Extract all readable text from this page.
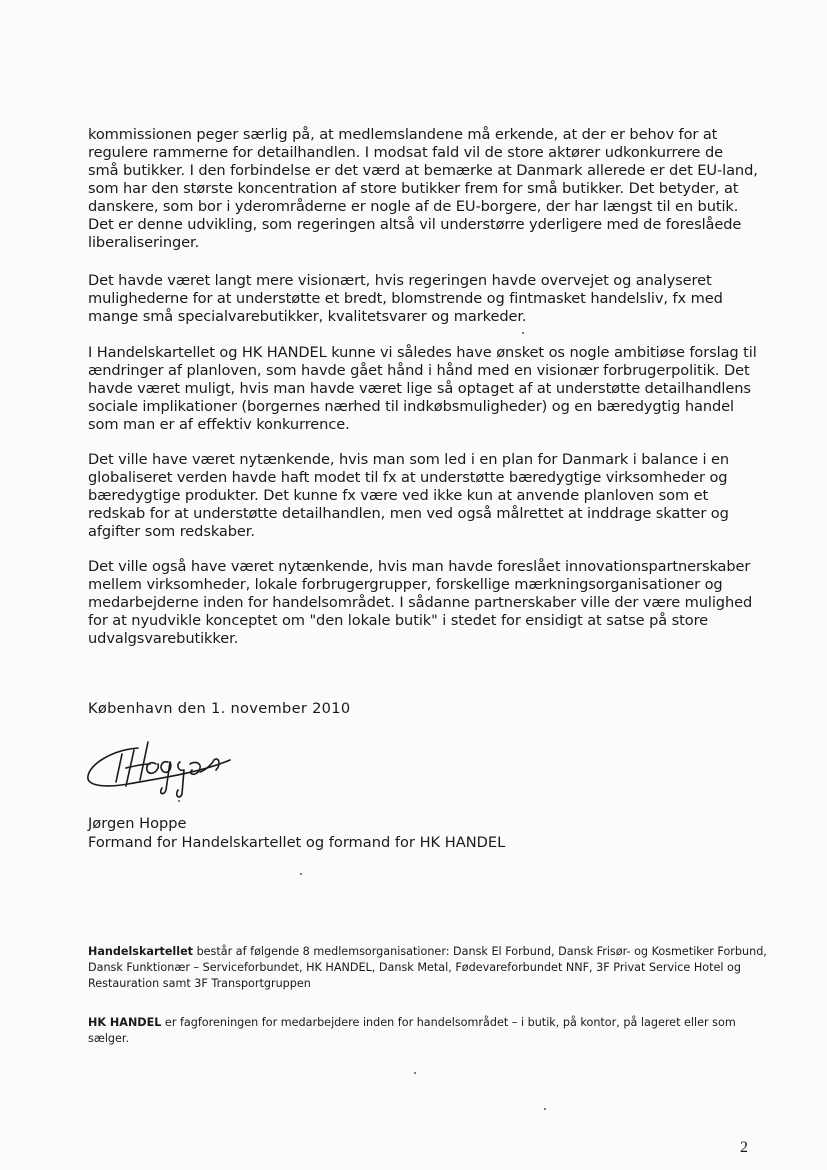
kommissionen peger særlig på, at medlemslandene må erkende, at der er behov for at regulere rammerne for detailhandlen. I modsat fald vil de store aktører udkonkurrere de små butikker. I den forbindelse er det værd at bemærke at Danmark allerede er det EU-land, som har den største koncentration af store butikker frem for små butikker. Det betyder, at danskere, som bor i yderområderne er nogle af de EU-borgere, der har længst til en butik. Det er denne udvikling, som regeringen altså vil understørre yderligere med de foreslåede liberaliseringer.

Det havde været langt mere visionært, hvis regeringen havde overvejet og analyseret mulighederne for at understøtte et bredt, blomstrende og fintmasket handelsliv, fx med mange små specialvarebutikker, kvalitetsvarer og markeder.

I Handelskartellet og HK HANDEL kunne vi således have ønsket os nogle ambitiøse forslag til ændringer af planloven, som havde gået hånd i hånd med en visionær forbrugerpolitik. Det havde været muligt, hvis man havde været lige så optaget af at understøtte detailhandlens sociale implikationer (borgernes nærhed til indkøbsmuligheder) og en bæredygtig handel som man er af effektiv konkurrence.

Det ville have været nytænkende, hvis man som led i en plan for Danmark i balance i en globaliseret verden havde haft modet til fx at understøtte bæredygtige virksomheder og bæredygtige produkter. Det kunne fx være ved ikke kun at anvende planloven som et redskab for at understøtte detailhandlen, men ved også målrettet at inddrage skatter og afgifter som redskaber.

Det ville også have været nytænkende, hvis man havde foreslået innovationspartnerskaber mellem virksomheder, lokale forbrugergrupper, forskellige mærkningsorganisationer og medarbejderne inden for handelsområdet. I sådanne partnerskaber ville der være mulighed for at nyudvikle konceptet om "den lokale butik" i stedet for ensidigt at satse på store udvalgsvarebutikker.

København den 1. november 2010
Jørgen Hoppe
Formand for Handelskartellet og formand for HK HANDEL

Handelskartellet består af følgende 8 medlemsorganisationer: Dansk El Forbund, Dansk Frisør- og Kosmetiker Forbund, Dansk Funktionær – Serviceforbundet, HK HANDEL, Dansk Metal, Fødevareforbundet NNF, 3F Privat Service Hotel og Restauration samt 3F Transportgruppen

HK HANDEL er fagforeningen for medarbejdere inden for handelsområdet – i butik, på kontor, på lageret eller som sælger.

2
